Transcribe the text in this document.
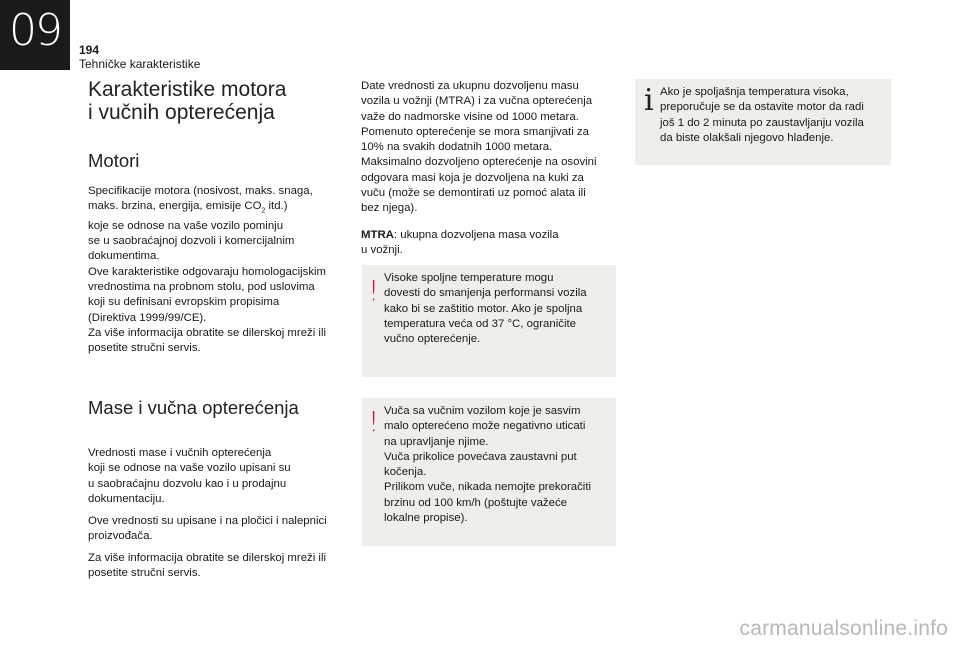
09	194
Tehničke karakteristike
Karakteristike motora
i vučnih opterećenja
Motori

Specifikacije motora (nosivost, maks. snaga,
maks. brzina, energija, emisije $CO_2$ itd.)
koje se odnose na vaše vozilo pominju
se u saobraćajnoj dozvoli i komercijalnim
dokumentima.
Ove karakteristike odgovaraju homologacijskim
vrednostima na probnom stolu, pod uslovima
koji su definisani evropskim propisima
(Direktiva 1999/99/CE).
Za više informacija obratite se dilerskoj mreži ili
posetite stručni servis.

Mase i vučna opterećenja

Vrednosti mase i vučnih opterećenja
koji se odnose na vaše vozilo upisani su
u saobraćajnu dozvolu kao i u prodajnu
dokumentaciju.

Ove vrednosti su upisane i na pločici i nalepnici
proizvođača.

Za više informacija obratite se dilerskoj mreži ili
posetite stručni servis.

Date vrednosti za ukupnu dozvoljenu masu
vozila u vožnji (MTRA) i za vučna opterećenja
važe do nadmorske visine od 1000 metara.
Pomenuto opterećenje se mora smanjivati za
10% na svakih dodatnih 1000 metara.
Maksimalno dozvoljeno opterećenje na osovini
odgovara masi koja je dozvoljena na kuki za
vuču (može se demontirati uz pomoć alata ili
bez njega).

MTRA: ukupna dozvoljena masa vozila
u vožnji.

! Visoke spoljne temperature mogu
dovesti do smanjenja performansi vozila
kako bi se zaštitio motor. Ako je spoljna
temperatura veća od 37 °C, ograničite
vučno opterećenje.

! Vuča sa vučnim vozilom koje je sasvim
malo opterećeno može negativno uticati
na upravljanje njime.
Vuča prikolice povećava zaustavni put
kočenja.
Prilikom vuče, nikada nemojte prekoračiti
brzinu od 100 km/h (poštujte važeće
lokalne propise).

i Ako je spoljašnja temperatura visoka,
preporučuje se da ostavite motor da radi
još 1 do 2 minuta po zaustavljanju vozila
da biste olakšali njegovo hlađenje.

carmanualsonline.info
